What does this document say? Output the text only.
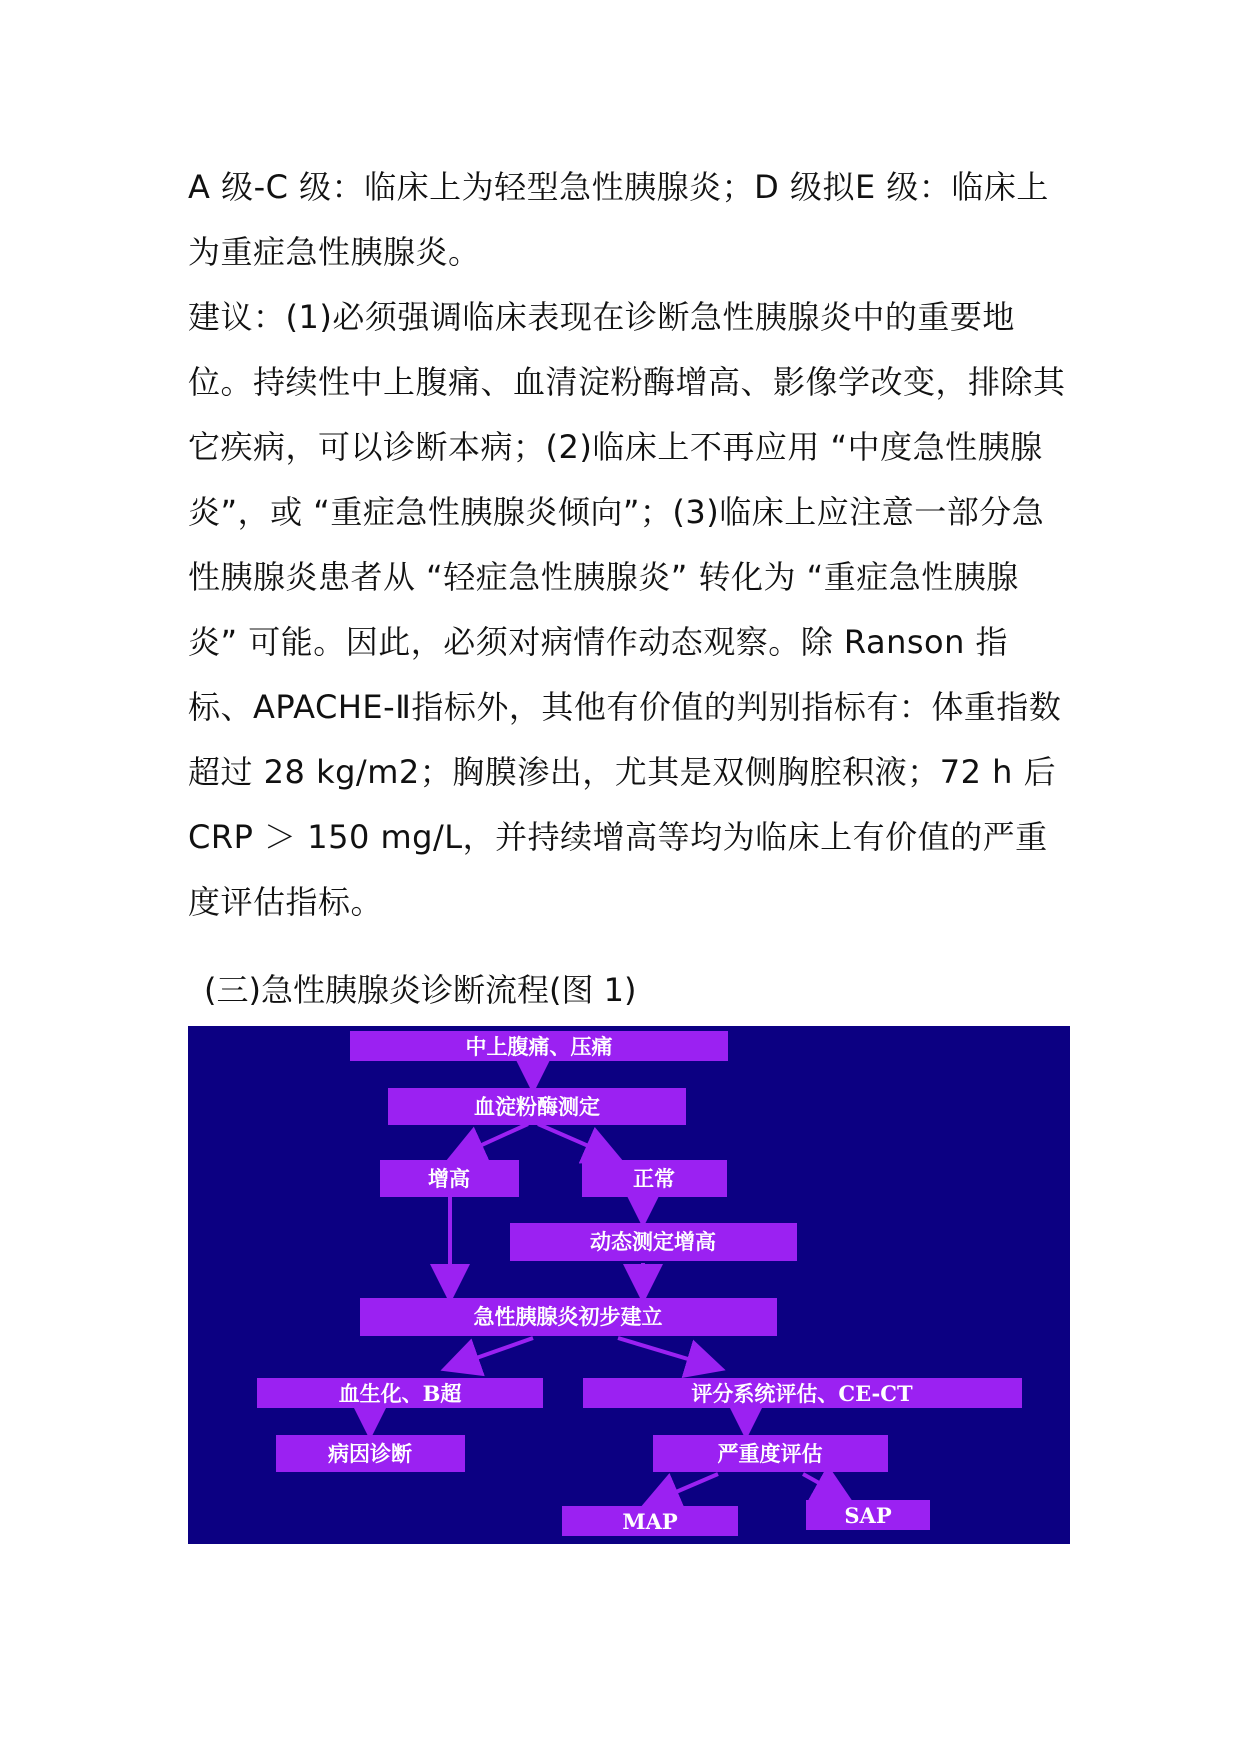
A 级-C 级：临床上为轻型急性胰腺炎；D 级拟E 级：临床上为重症急性胰腺炎。

建议：(1)必须强调临床表现在诊断急性胰腺炎中的重要地位。持续性中上腹痛、血清淀粉酶增高、影像学改变，排除其它疾病，可以诊断本病；(2)临床上不再应用 “中度急性胰腺炎”，或 “重症急性胰腺炎倾向”；(3)临床上应注意一部分急性胰腺炎患者从 “轻症急性胰腺炎” 转化为 “重症急性胰腺炎” 可能。因此，必须对病情作动态观察。除 Ranson 指标、APACHE-Ⅱ指标外，其他有价值的判别指标有：体重指数超过 28 kg/m2；胸膜渗出，尤其是双侧胸腔积液；72 h 后 CRP ＞ 150 mg/L，并持续增高等均为临床上有价值的严重度评估指标。

(三)急性胰腺炎诊断流程(图 1)

中上腹痛、压痛
血淀粉酶测定
增高	正常
动态测定增高
急性胰腺炎初步建立
血生化、B超	评分系统评估、CE-CT
病因诊断	严重度评估
MAP	SAP
